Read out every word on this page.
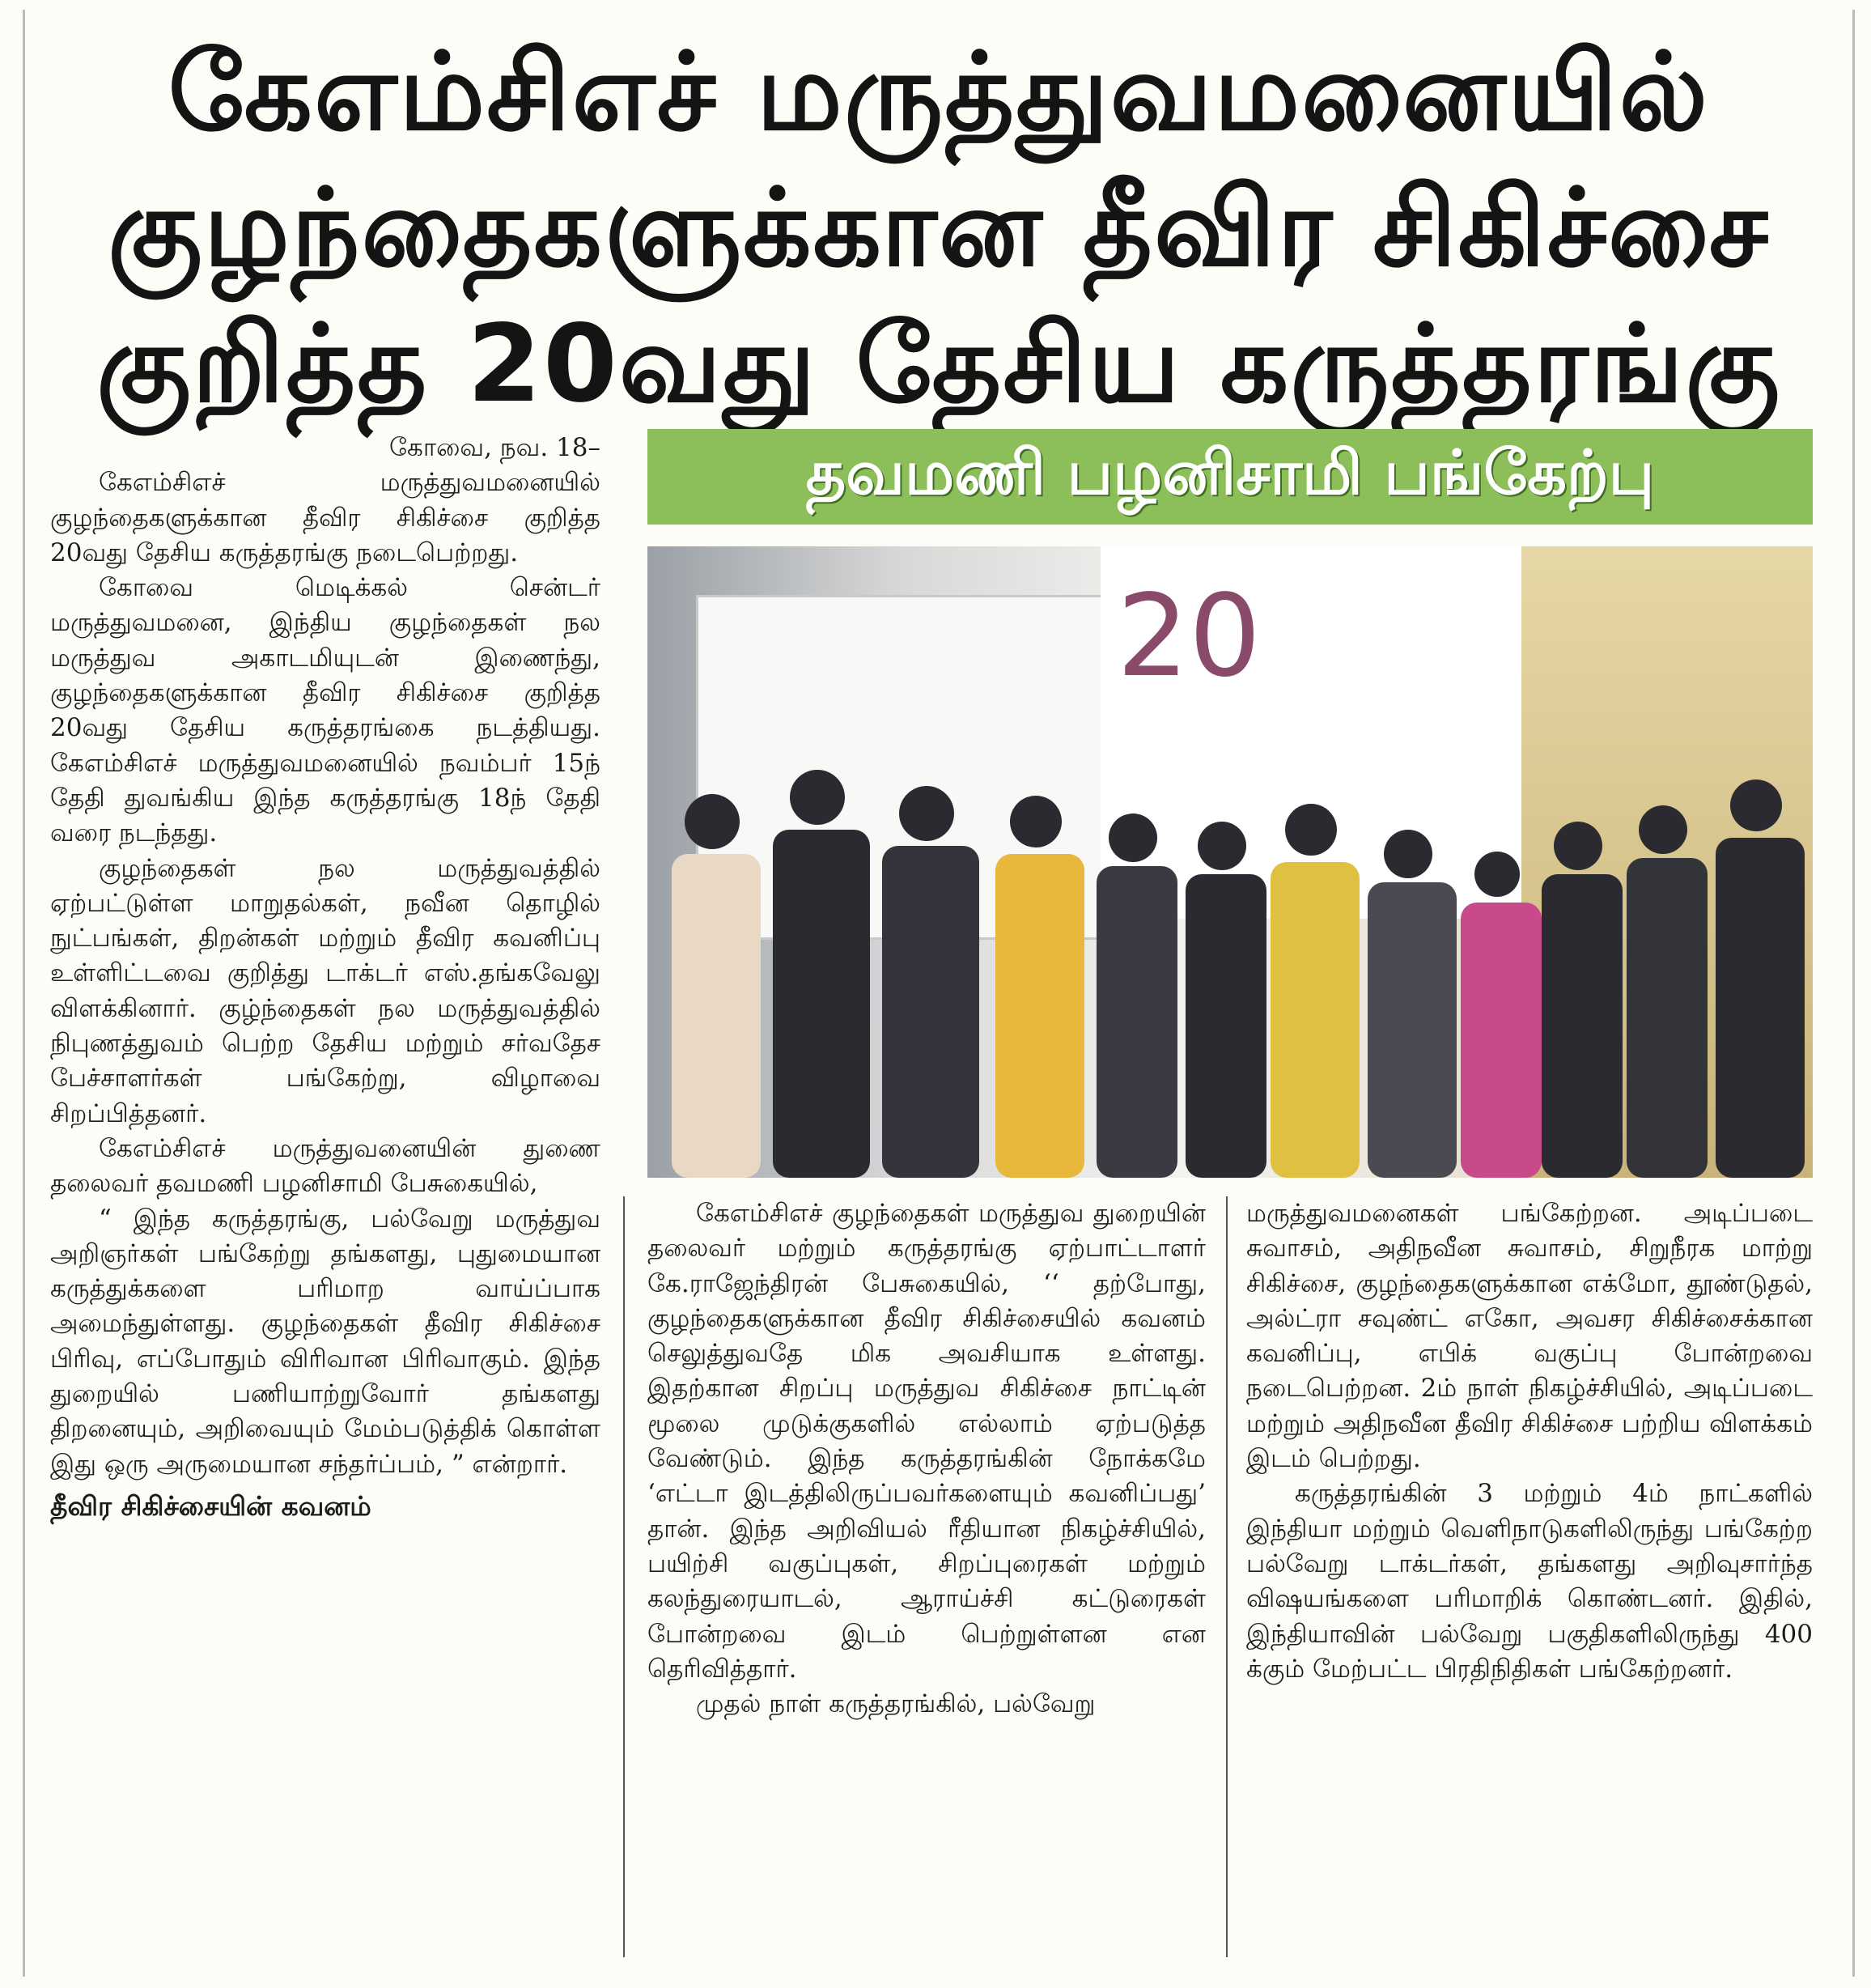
கேஎம்சிஎச் மருத்துவமனையில்
குழந்தைகளுக்கான தீவிர சிகிச்சை
குறித்த 20வது தேசிய கருத்தரங்கு
தவமணி பழனிசாமி பங்கேற்பு
20

கோவை, நவ. 18–

கேஎம்சிஎச் மருத்துவமனையில் குழந்தைகளுக்கான தீவிர சிகிச்சை குறித்த 20வது தேசிய கருத்தரங்கு நடைபெற்றது.

கோவை மெடிக்கல் சென்டர் மருத்துவமனை, இந்திய குழந்தைகள் நல மருத்துவ அகாடமியுடன் இணைந்து, குழந்தைகளுக்கான தீவிர சிகிச்சை குறித்த 20வது தேசிய கருத்தரங்கை நடத்தியது. கேஎம்சிஎச் மருத்துவமனையில் நவம்பர் 15ந் தேதி துவங்கிய இந்த கருத்தரங்கு 18ந் தேதி வரை நடந்தது.

குழந்தைகள் நல மருத்துவத்தில் ஏற்பட்டுள்ள மாறுதல்கள், நவீன தொழில் நுட்பங்கள், திறன்கள் மற்றும் தீவிர கவனிப்பு உள்ளிட்டவை குறித்து டாக்டர் எஸ்.தங்கவேலு விளக்கினார். குழ்ந்தைகள் நல மருத்துவத்தில் நிபுணத்துவம் பெற்ற தேசிய மற்றும் சர்வதேச பேச்சாளர்கள் பங்கேற்று, விழாவை சிறப்பித்தனர்.

கேஎம்சிஎச் மருத்துவனையின் துணை தலைவர் தவமணி பழனிசாமி பேசுகையில்,

“ இந்த கருத்தரங்கு, பல்வேறு மருத்துவ அறிஞர்கள் பங்கேற்று தங்களது, புதுமையான கருத்துக்களை பரிமாற வாய்ப்பாக அமைந்துள்ளது. குழந்தைகள் தீவிர சிகிச்சை பிரிவு, எப்போதும் விரிவான பிரிவாகும். இந்த துறையில் பணியாற்றுவோர் தங்களது திறனையும், அறிவையும் மேம்படுத்திக் கொள்ள இது ஒரு அருமையான சந்தர்ப்பம், ” என்றார்.

தீவிர சிகிச்சையின் கவனம்

கேஎம்சிஎச் குழந்தைகள் மருத்துவ துறையின் தலைவர் மற்றும் கருத்தரங்கு ஏற்பாட்டாளர் கே.ராஜேந்திரன் பேசுகையில், ‘‘ தற்போது, குழந்தைகளுக்கான தீவிர சிகிச்சையில் கவனம் செலுத்துவதே மிக அவசியாக உள்ளது. இதற்கான சிறப்பு மருத்துவ சிகிச்சை நாட்டின் மூலை முடுக்குகளில் எல்லாம் ஏற்படுத்த வேண்டும். இந்த கருத்தரங்கின் நோக்கமே ‘எட்டா இடத்திலிருப்பவர்களையும் கவனிப்பது’ தான். இந்த அறிவியல் ரீதியான நிகழ்ச்சியில், பயிற்சி வகுப்புகள், சிறப்புரைகள் மற்றும் கலந்துரையாடல், ஆராய்ச்சி கட்டுரைகள் போன்றவை இடம் பெற்றுள்ளன என தெரிவித்தார்.

முதல் நாள் கருத்தரங்கில், பல்வேறு

மருத்துவமனைகள் பங்கேற்றன. அடிப்படை சுவாசம், அதிநவீன சுவாசம், சிறுநீரக மாற்று சிகிச்சை, குழந்தைகளுக்கான எக்மோ, தூண்டுதல், அல்ட்ரா சவுண்ட் எகோ, அவசர சிகிச்சைக்கான கவனிப்பு, எபிக் வகுப்பு போன்றவை நடைபெற்றன. 2ம் நாள் நிகழ்ச்சியில், அடிப்படை மற்றும் அதிநவீன தீவிர சிகிச்சை பற்றிய விளக்கம் இடம் பெற்றது.

கருத்தரங்கின் 3 மற்றும் 4ம் நாட்களில் இந்தியா மற்றும் வெளிநாடுகளிலிருந்து பங்கேற்ற பல்வேறு டாக்டர்கள், தங்களது அறிவுசார்ந்த விஷயங்களை பரிமாறிக் கொண்டனர். இதில், இந்தியாவின் பல்வேறு பகுதிகளிலிருந்து 400 க்கும் மேற்பட்ட பிரதிநிதிகள் பங்கேற்றனர்.
